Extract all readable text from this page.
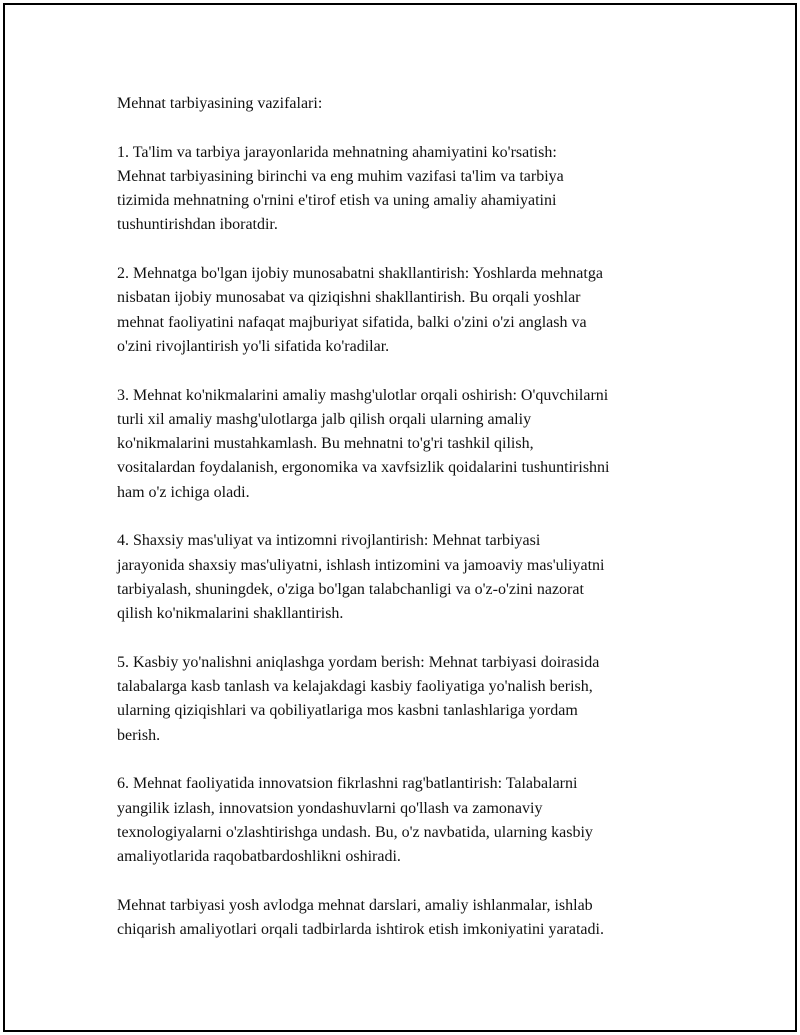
Mehnat tarbiyasining vazifalari:

1. Ta'lim va tarbiya jarayonlarida mehnatning ahamiyatini ko'rsatish:
Mehnat tarbiyasining birinchi va eng muhim vazifasi ta'lim va tarbiya
tizimida mehnatning o'rnini e'tirof etish va uning amaliy ahamiyatini
tushuntirishdan iboratdir.

2. Mehnatga bo'lgan ijobiy munosabatni shakllantirish: Yoshlarda mehnatga
nisbatan ijobiy munosabat va qiziqishni shakllantirish. Bu orqali yoshlar
mehnat faoliyatini nafaqat majburiyat sifatida, balki o'zini o'zi anglash va
o'zini rivojlantirish yo'li sifatida ko'radilar.

3. Mehnat ko'nikmalarini amaliy mashg'ulotlar orqali oshirish: O'quvchilarni
turli xil amaliy mashg'ulotlarga jalb qilish orqali ularning amaliy
ko'nikmalarini mustahkamlash. Bu mehnatni to'g'ri tashkil qilish,
vositalardan foydalanish, ergonomika va xavfsizlik qoidalarini tushuntirishni
ham o'z ichiga oladi.

4. Shaxsiy mas'uliyat va intizomni rivojlantirish: Mehnat tarbiyasi
jarayonida shaxsiy mas'uliyatni, ishlash intizomini va jamoaviy mas'uliyatni
tarbiyalash, shuningdek, o'ziga bo'lgan talabchanligi va o'z-o'zini nazorat
qilish ko'nikmalarini shakllantirish.

5. Kasbiy yo'nalishni aniqlashga yordam berish: Mehnat tarbiyasi doirasida
talabalarga kasb tanlash va kelajakdagi kasbiy faoliyatiga yo'nalish berish,
ularning qiziqishlari va qobiliyatlariga mos kasbni tanlashlariga yordam
berish.

6. Mehnat faoliyatida innovatsion fikrlashni rag'batlantirish: Talabalarni
yangilik izlash, innovatsion yondashuvlarni qo'llash va zamonaviy
texnologiyalarni o'zlashtirishga undash. Bu, o'z navbatida, ularning kasbiy
amaliyotlarida raqobatbardoshlikni oshiradi.

Mehnat tarbiyasi yosh avlodga mehnat darslari, amaliy ishlanmalar, ishlab
chiqarish amaliyotlari orqali tadbirlarda ishtirok etish imkoniyatini yaratadi.
